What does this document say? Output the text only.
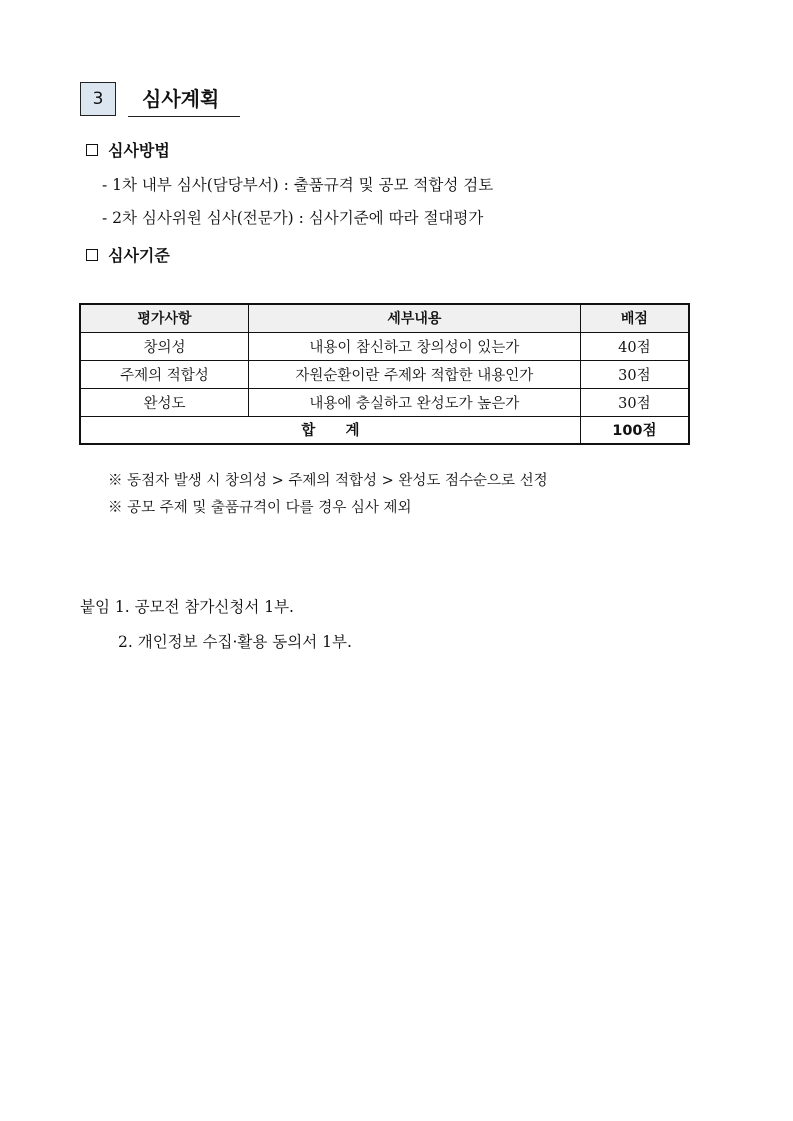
3	심사계획
심사방법
- 1차 내부 심사(담당부서) : 출품규격 및 공모 적합성 검토
- 2차 심사위원 심사(전문가) : 심사기준에 따라 절대평가
심사기준
평가사항	세부내용	배점
창의성	내용이 참신하고 창의성이 있는가	40점
주제의 적합성	자원순환이란 주제와 적합한 내용인가	30점
완성도	내용에 충실하고 완성도가 높은가	30점
합      계		100점
※ 동점자 발생 시 창의성 > 주제의 적합성 > 완성도 점수순으로 선정
※ 공모 주제 및 출품규격이 다를 경우 심사 제외
붙임 1. 공모전 참가신청서 1부.
2. 개인정보 수집·활용 동의서 1부.
